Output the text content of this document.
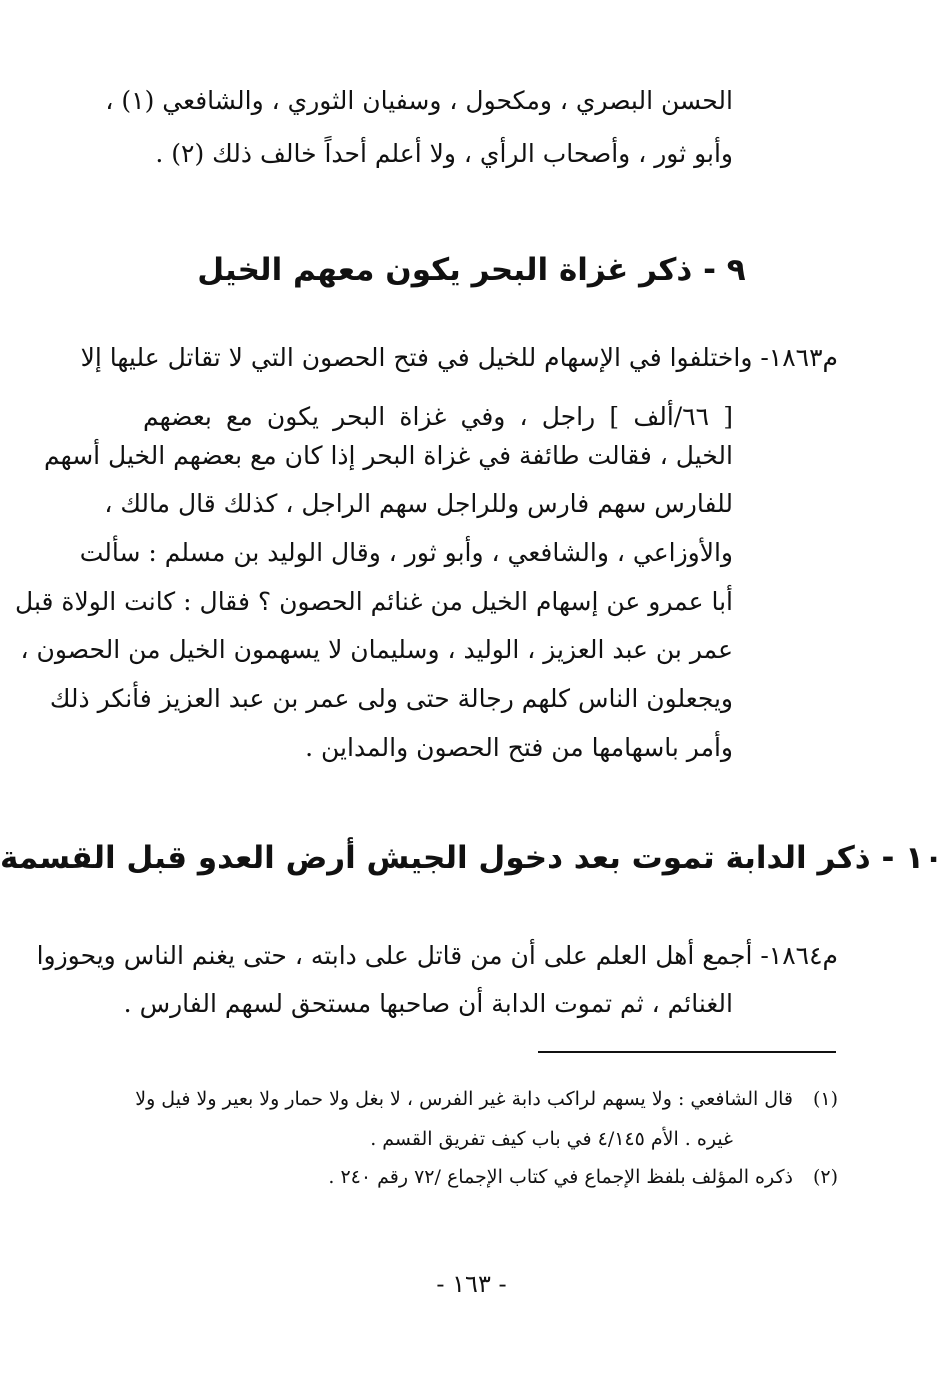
الحسن البصري ، ومكحول ، وسفيان الثوري ، والشافعي (١) ،
وأبو ثور ، وأصحاب الرأي ، ولا أعلم أحداً خالف ذلك (٢) .
٩ - ذكر غزاة البحر يكون معهم الخيل
م١٨٦٣- واختلفوا في الإسهام للخيل في فتح الحصون التي لا تقاتل عليها إلا
[ ٦٦/ألف ] راجل ، وفي غزاة البحر يكون مع بعضهم
الخيل ، فقالت طائفة في غزاة البحر إذا كان مع بعضهم الخيل أسهم
للفارس سهم فارس وللراجل سهم الراجل ، كذلك قال مالك ،
والأوزاعي ، والشافعي ، وأبو ثور ، وقال الوليد بن مسلم : سألت
أبا عمرو عن إسهام الخيل من غنائم الحصون ؟ فقال : كانت الولاة قبل
عمر بن عبد العزيز ، الوليد ، وسليمان لا يسهمون الخيل من الحصون ،
ويجعلون الناس كلهم رجالة حتى ولى عمر بن عبد العزيز فأنكر ذلك
وأمر باسهامها من فتح الحصون والمداين .
١٠ - ذكر الدابة تموت بعد دخول الجيش أرض العدو قبل القسمة
م١٨٦٤- أجمع أهل العلم على أن من قاتل على دابته ، حتى يغنم الناس ويحوزوا
الغنائم ، ثم تموت الدابة أن صاحبها مستحق لسهم الفارس .
(١)
قال الشافعي : ولا يسهم لراكب دابة غير الفرس ، لا بغل ولا حمار ولا بعير ولا فيل ولا
غيره . الأم ٤/١٤٥ في باب كيف تفريق القسم .
(٢)
ذكره المؤلف بلفظ الإجماع في كتاب الإجماع /٧٢ رقم ٢٤٠ .
- ١٦٣ -
